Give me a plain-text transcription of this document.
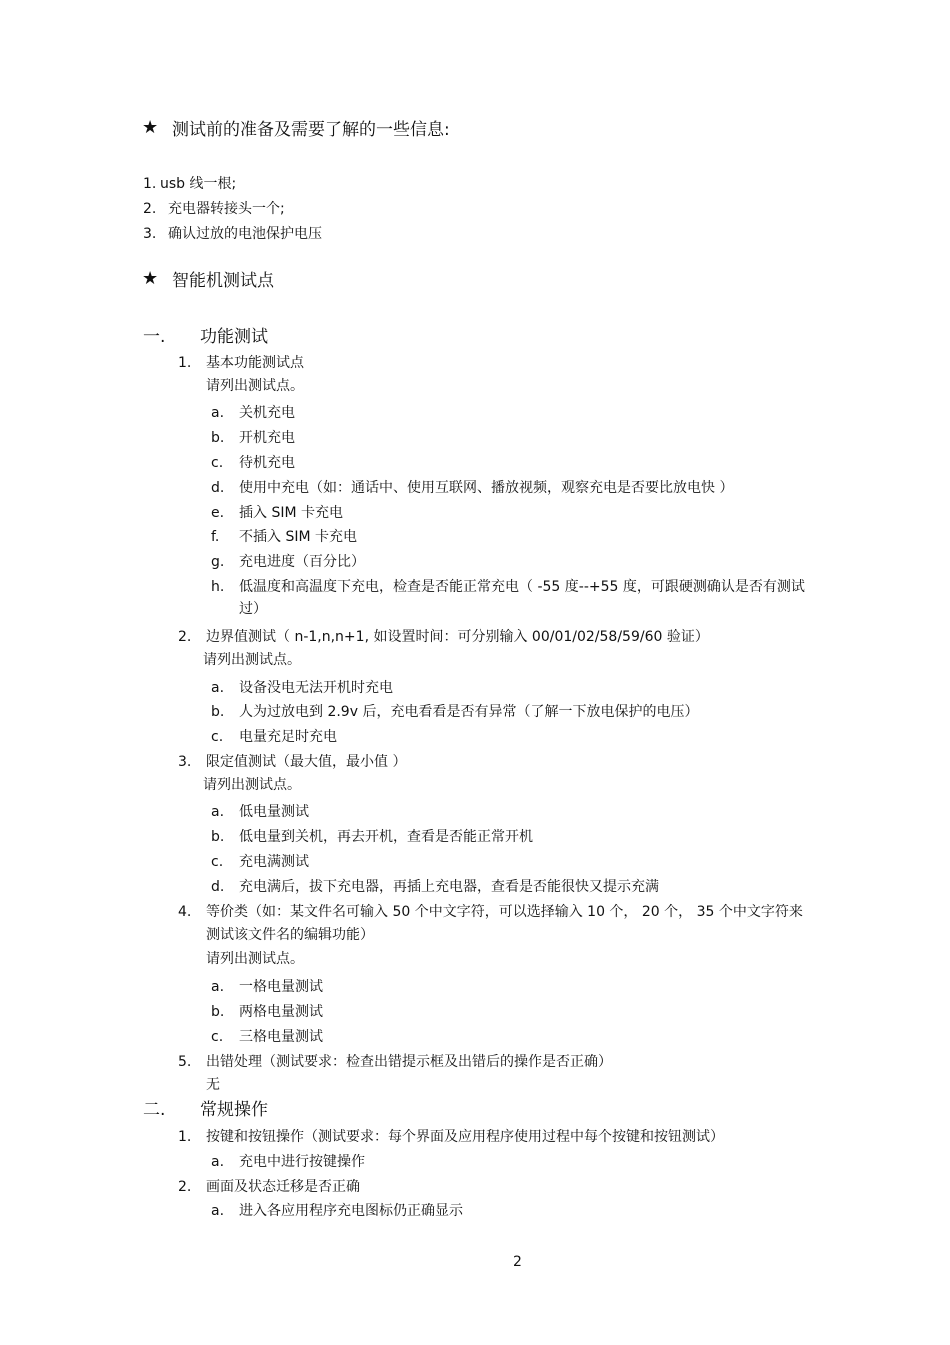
★ 测试前的准备及需要了解的一些信息:
1. usb 线一根;
2. 充电器转接头一个;
3. 确认过放的电池保护电压
★ 智能机测试点
一. 功能测试
1. 基本功能测试点
请列出测试点。
a. 关机充电
b. 开机充电
c. 待机充电
d. 使用中充电（如：通话中、使用互联网、播放视频，观察充电是否要比放电快 ）
e. 插入 SIM 卡充电
f. 不插入 SIM 卡充电
g. 充电进度（百分比）
h. 低温度和高温度下充电，检查是否能正常充电（ -55 度--+55 度，可跟硬测确认是否有测试
过）
2. 边界值测试（ n-1,n,n+1, 如设置时间：可分别输入 00/01/02/58/59/60 验证）
请列出测试点。
a. 设备没电无法开机时充电
b. 人为过放电到 2.9v 后，充电看看是否有异常（了解一下放电保护的电压）
c. 电量充足时充电
3. 限定值测试（最大值，最小值 ）
请列出测试点。
a. 低电量测试
b. 低电量到关机，再去开机，查看是否能正常开机
c. 充电满测试
d. 充电满后，拔下充电器，再插上充电器，查看是否能很快又提示充满
4. 等价类（如：某文件名可输入 50 个中文字符，可以选择输入 10 个， 20 个， 35 个中文字符来
测试该文件名的编辑功能）
请列出测试点。
a. 一格电量测试
b. 两格电量测试
c. 三格电量测试
5. 出错处理（测试要求：检查出错提示框及出错后的操作是否正确）
无
二. 常规操作
1. 按键和按钮操作（测试要求：每个界面及应用程序使用过程中每个按键和按钮测试）
a. 充电中进行按键操作
2. 画面及状态迁移是否正确
a. 进入各应用程序充电图标仍正确显示
2
